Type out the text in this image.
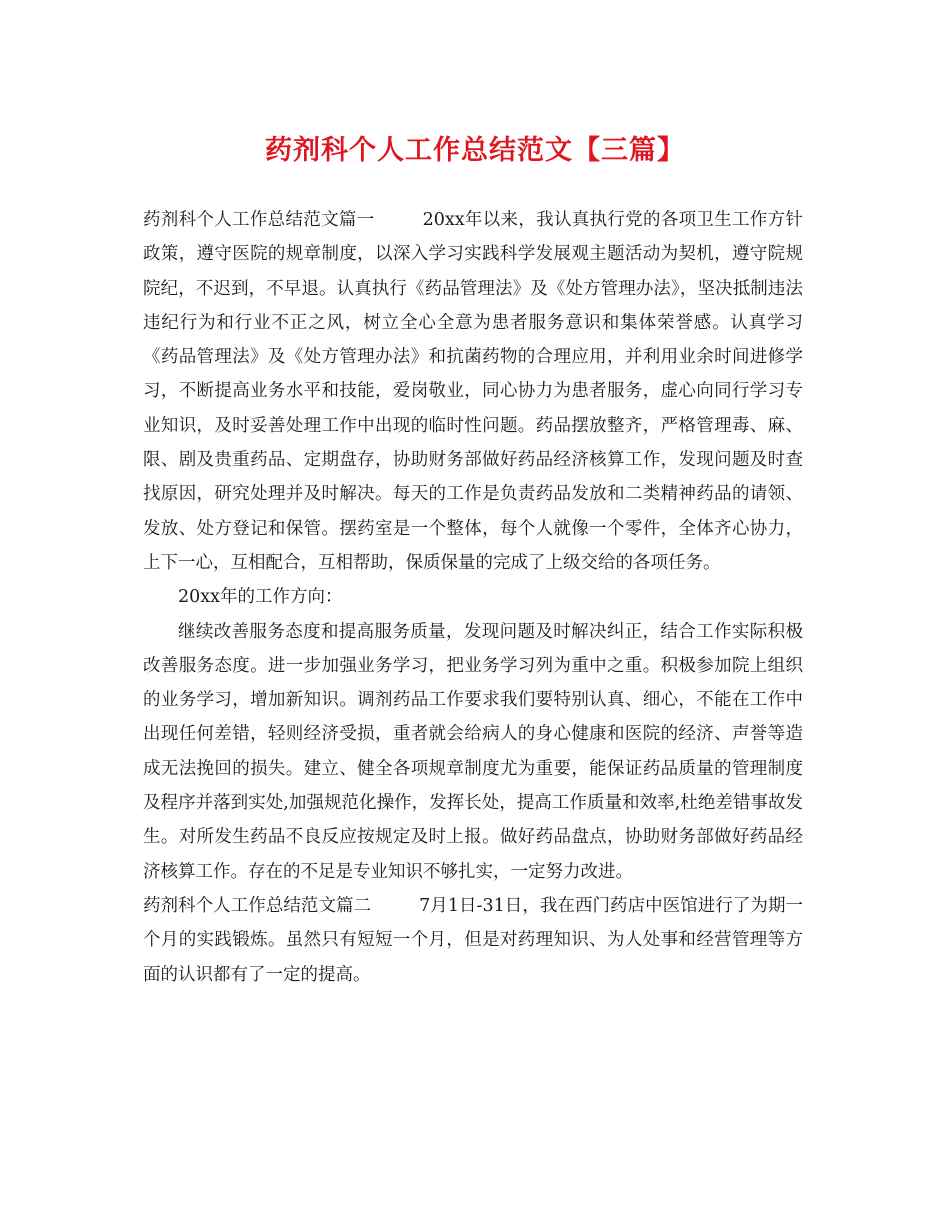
药剂科个人工作总结范文【三篇】

药剂科个人工作总结范文篇一	20xx年以来，我认真执行党的各项卫生工作方针政策，遵守医院的规章制度，以深入学习实践科学发展观主题活动为契机，遵守院规院纪，不迟到，不早退。认真执行《药品管理法》及《处方管理办法》，坚决抵制违法违纪行为和行业不正之风，树立全心全意为患者服务意识和集体荣誉感。认真学习《药品管理法》及《处方管理办法》和抗菌药物的合理应用，并利用业余时间进修学习，不断提高业务水平和技能，爱岗敬业，同心协力为患者服务，虚心向同行学习专业知识，及时妥善处理工作中出现的临时性问题。药品摆放整齐，严格管理毒、麻、限、剧及贵重药品、定期盘存，协助财务部做好药品经济核算工作，发现问题及时查找原因，研究处理并及时解决。每天的工作是负责药品发放和二类精神药品的请领、发放、处方登记和保管。摆药室是一个整体，每个人就像一个零件，全体齐心协力，上下一心，互相配合，互相帮助，保质保量的完成了上级交给的各项任务。

20xx年的工作方向：

继续改善服务态度和提高服务质量，发现问题及时解决纠正，结合工作实际积极改善服务态度。进一步加强业务学习，把业务学习列为重中之重。积极参加院上组织的业务学习，增加新知识。调剂药品工作要求我们要特别认真、细心，不能在工作中出现任何差错，轻则经济受损，重者就会给病人的身心健康和医院的经济、声誉等造成无法挽回的损失。建立、健全各项规章制度尤为重要，能保证药品质量的管理制度及程序并落到实处,加强规范化操作，发挥长处，提高工作质量和效率,杜绝差错事故发生。对所发生药品不良反应按规定及时上报。做好药品盘点，协助财务部做好药品经济核算工作。存在的不足是专业知识不够扎实，一定努力改进。

药剂科个人工作总结范文篇二	7月1日-31日，我在西门药店中医馆进行了为期一个月的实践锻炼。虽然只有短短一个月，但是对药理知识、为人处事和经营管理等方面的认识都有了一定的提高。
